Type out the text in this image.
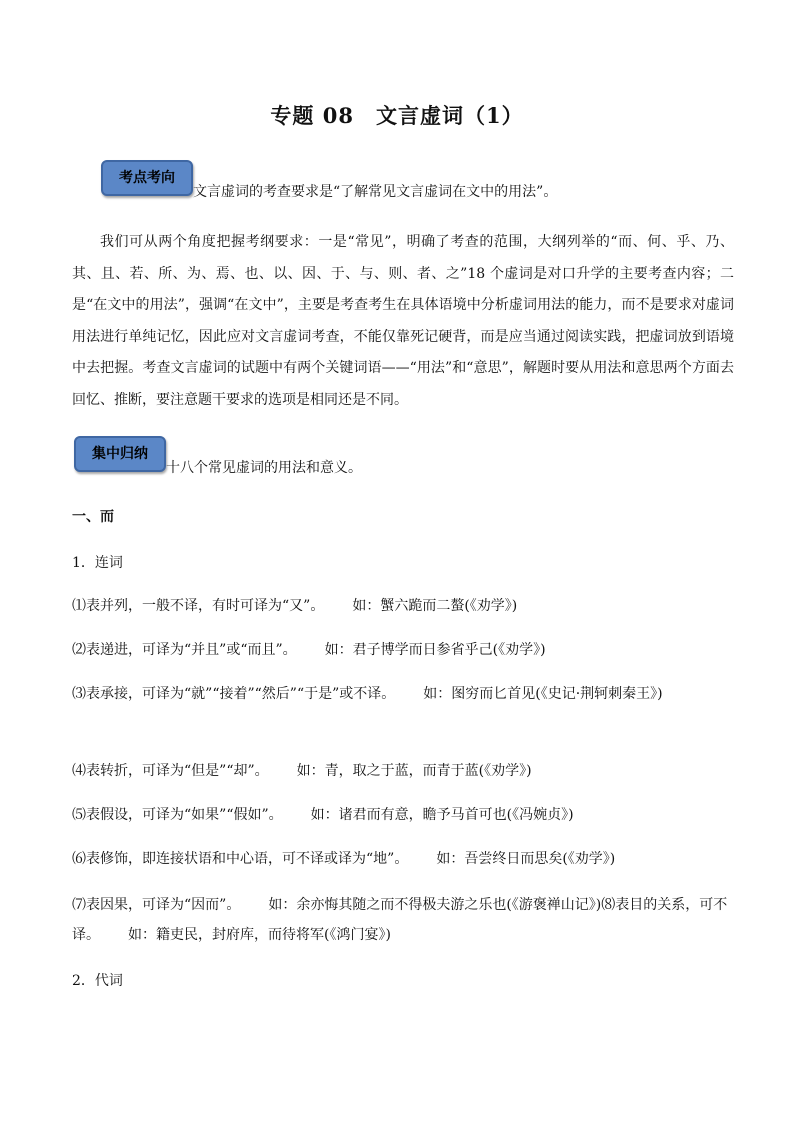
专题 08　文言虚词（1）
考点考向
文言虚词的考查要求是“了解常见文言虚词在文中的用法”。
我们可从两个角度把握考纲要求：一是“常见”，明确了考查的范围，大纲列举的“而、何、乎、乃、其、且、若、所、为、焉、也、以、因、于、与、则、者、之”18 个虚词是对口升学的主要考查内容；二是“在文中的用法”，强调“在文中”，主要是考查考生在具体语境中分析虚词用法的能力，而不是要求对虚词用法进行单纯记忆，因此应对文言虚词考查，不能仅靠死记硬背，而是应当通过阅读实践，把虚词放到语境中去把握。考查文言虚词的试题中有两个关键词语——“用法”和“意思”，解题时要从用法和意思两个方面去回忆、推断，要注意题干要求的选项是相同还是不同。
集中归纳
十八个常见虚词的用法和意义。
一、而
1．连词
⑴表并列，一般不译，有时可译为“又”。 如：蟹六跪而二螯(《劝学》)
⑵表递进，可译为“并且”或“而且”。 如：君子博学而日参省乎己(《劝学》)
⑶表承接，可译为“就”“接着”“然后”“于是”或不译。 如：图穷而匕首见(《史记·荆轲刺秦王》)
⑷表转折，可译为“但是”“却”。 如：青，取之于蓝，而青于蓝(《劝学》)
⑸表假设，可译为“如果”“假如”。 如：诸君而有意，瞻予马首可也(《冯婉贞》)
⑹表修饰，即连接状语和中心语，可不译或译为“地”。 如：吾尝终日而思矣(《劝学》)
⑺表因果，可译为“因而”。 如：余亦悔其随之而不得极夫游之乐也(《游褒禅山记》)⑻表目的关系，可不译。 如：籍吏民，封府库，而待将军(《鸿门宴》)
2．代词
